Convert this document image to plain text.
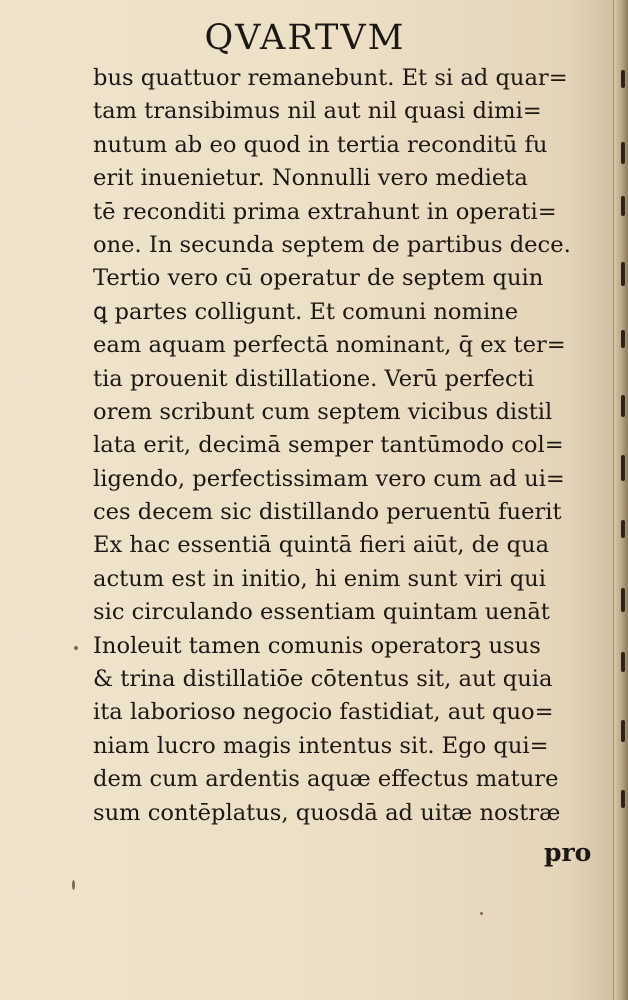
QVARTVM
bus quattuor remanebunt. Et si ad quar=
tam transibimus nil aut nil quasi dimi=
nutum ab eo quod in tertia reconditū fu
erit inuenietur. Nonnulli vero medieta
tē reconditi prima extrahunt in operati=
one. In secunda septem de partibus dece.
Tertio vero cū operatur de septem quin
ꝗ partes colligunt. Et comuni nomine
eam aquam perfectā nominant, q̄ ex ter=
tia prouenit distillatione. Verū perfecti
orem scribunt cum septem vicibus distil
lata erit, decimā semper tantūmodo col=
ligendo, perfectissimam vero cum ad ui=
ces decem sic distillando peruentū fuerit
Ex hac essentiā quintā fieri aiūt, de qua
actum est in initio, hi enim sunt viri qui
sic circulando essentiam quintam uenāt
Inoleuit tamen comunis operatorꝫ usus
& trina distillatiōe cōtentus sit, aut quia
ita laborioso negocio fastidiat, aut quo=
niam lucro magis intentus sit. Ego qui=
dem cum ardentis aquæ effectus mature
sum contēplatus, quosdā ad uitæ nostræ
pro
